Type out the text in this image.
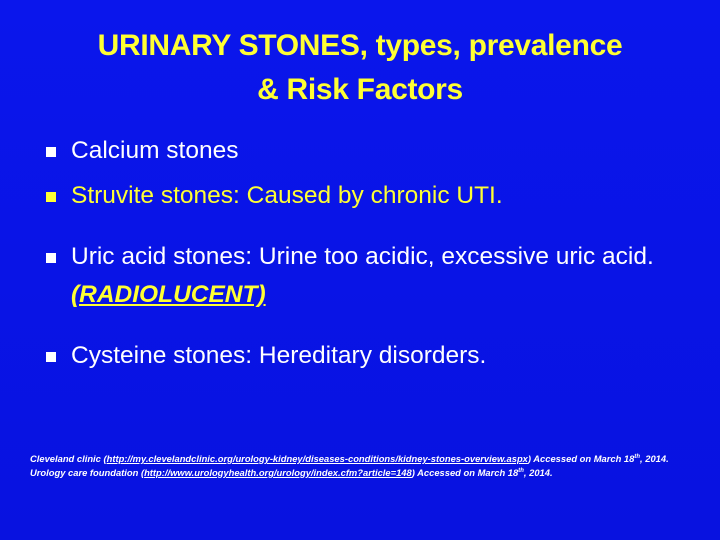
URINARY STONES, types, prevalence
& Risk Factors
Calcium stones
Struvite stones: Caused by chronic UTI.
Uric acid stones: Urine too acidic, excessive uric acid. (RADIOLUCENT)
Cysteine stones: Hereditary disorders.
Cleveland clinic (http://my.clevelandclinic.org/urology-kidney/diseases-conditions/kidney-stones-overview.aspx) Accessed on March 18th, 2014.
Urology care foundation (http://www.urologyhealth.org/urology/index.cfm?article=148) Accessed on March 18th, 2014.
